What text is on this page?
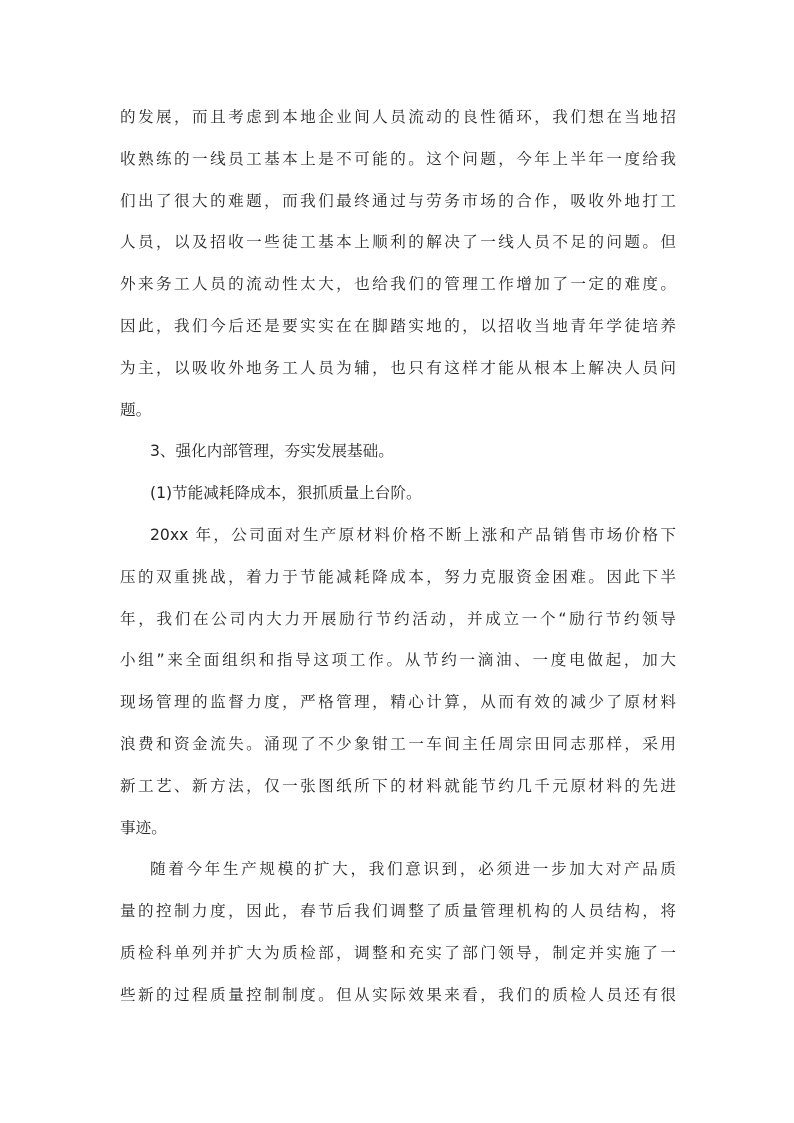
的发展，而且考虑到本地企业间人员流动的良性循环，我们想在当地招
收熟练的一线员工基本上是不可能的。这个问题，今年上半年一度给我
们出了很大的难题，而我们最终通过与劳务市场的合作，吸收外地打工
人员，以及招收一些徒工基本上顺利的解决了一线人员不足的问题。但
外来务工人员的流动性太大，也给我们的管理工作增加了一定的难度。
因此，我们今后还是要实实在在脚踏实地的，以招收当地青年学徒培养
为主，以吸收外地务工人员为辅，也只有这样才能从根本上解决人员问
题。
3、强化内部管理，夯实发展基础。
(1)节能减耗降成本，狠抓质量上台阶。
20xx 年，公司面对生产原材料价格不断上涨和产品销售市场价格下
压的双重挑战，着力于节能减耗降成本，努力克服资金困难。因此下半
年，我们在公司内大力开展励行节约活动，并成立一个“励行节约领导
小组”来全面组织和指导这项工作。从节约一滴油、一度电做起，加大
现场管理的监督力度，严格管理，精心计算，从而有效的减少了原材料
浪费和资金流失。涌现了不少象钳工一车间主任周宗田同志那样，采用
新工艺、新方法，仅一张图纸所下的材料就能节约几千元原材料的先进
事迹。
随着今年生产规模的扩大，我们意识到，必须进一步加大对产品质
量的控制力度，因此，春节后我们调整了质量管理机构的人员结构，将
质检科单列并扩大为质检部，调整和充实了部门领导，制定并实施了一
些新的过程质量控制制度。但从实际效果来看，我们的质检人员还有很
